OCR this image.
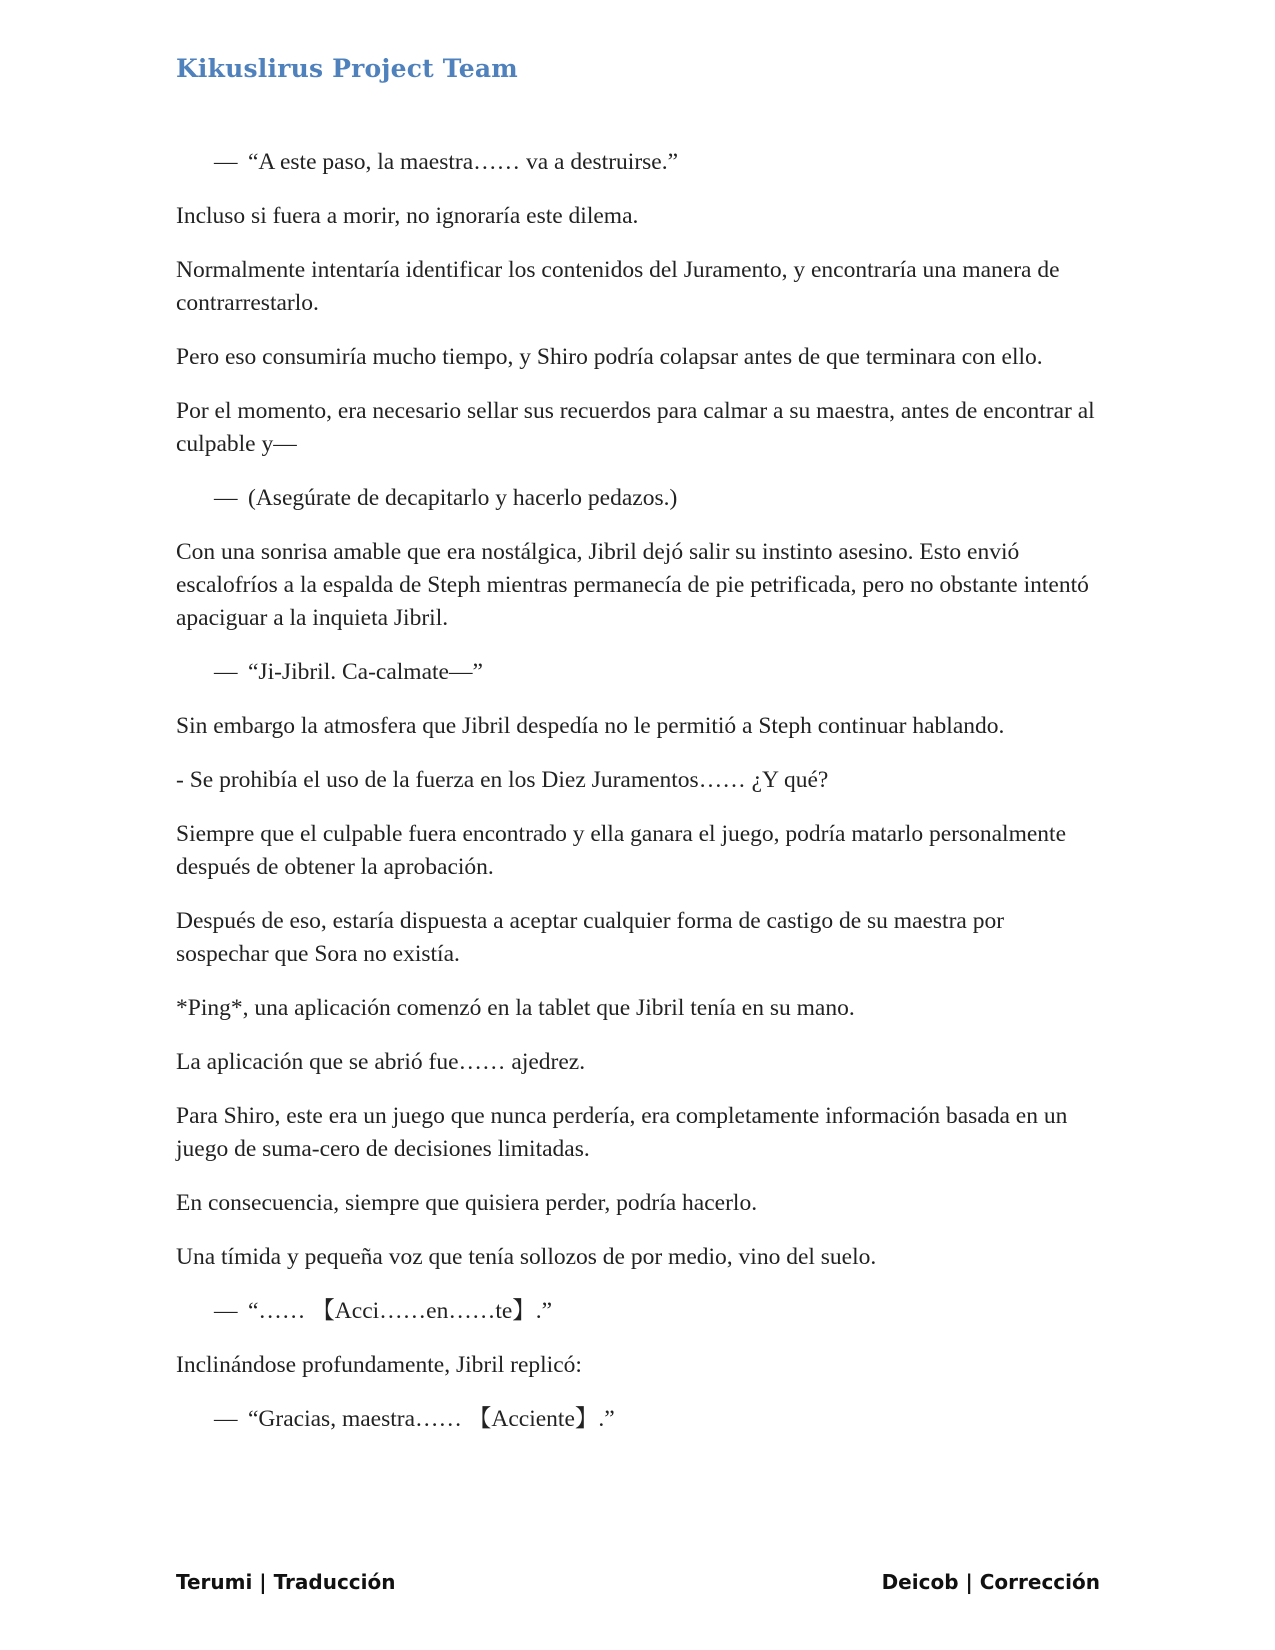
Kikuslirus Project Team
— “A este paso, la maestra…… va a destruirse.”

Incluso si fuera a morir, no ignoraría este dilema.

Normalmente intentaría identificar los contenidos del Juramento, y encontraría una manera de contrarrestarlo.

Pero eso consumiría mucho tiempo, y Shiro podría colapsar antes de que terminara con ello.

Por el momento, era necesario sellar sus recuerdos para calmar a su maestra, antes de encontrar al culpable y—

— (Asegúrate de decapitarlo y hacerlo pedazos.)

Con una sonrisa amable que era nostálgica, Jibril dejó salir su instinto asesino. Esto envió escalofríos a la espalda de Steph mientras permanecía de pie petrificada, pero no obstante intentó apaciguar a la inquieta Jibril.

— “Ji-Jibril. Ca-calmate—”

Sin embargo la atmosfera que Jibril despedía no le permitió a Steph continuar hablando.

- Se prohibía el uso de la fuerza en los Diez Juramentos…… ¿Y qué?

Siempre que el culpable fuera encontrado y ella ganara el juego, podría matarlo personalmente después de obtener la aprobación.

Después de eso, estaría dispuesta a aceptar cualquier forma de castigo de su maestra por sospechar que Sora no existía.

*Ping*, una aplicación comenzó en la tablet que Jibril tenía en su mano.

La aplicación que se abrió fue…… ajedrez.

Para Shiro, este era un juego que nunca perdería, era completamente información basada en un juego de suma-cero de decisiones limitadas.

En consecuencia, siempre que quisiera perder, podría hacerlo.

Una tímida y pequeña voz que tenía sollozos de por medio, vino del suelo.

— “…… 【Acci……en……te】.”

Inclinándose profundamente, Jibril replicó:

— “Gracias, maestra…… 【Acciente】.”
Terumi | Traducción	Deicob | Corrección
